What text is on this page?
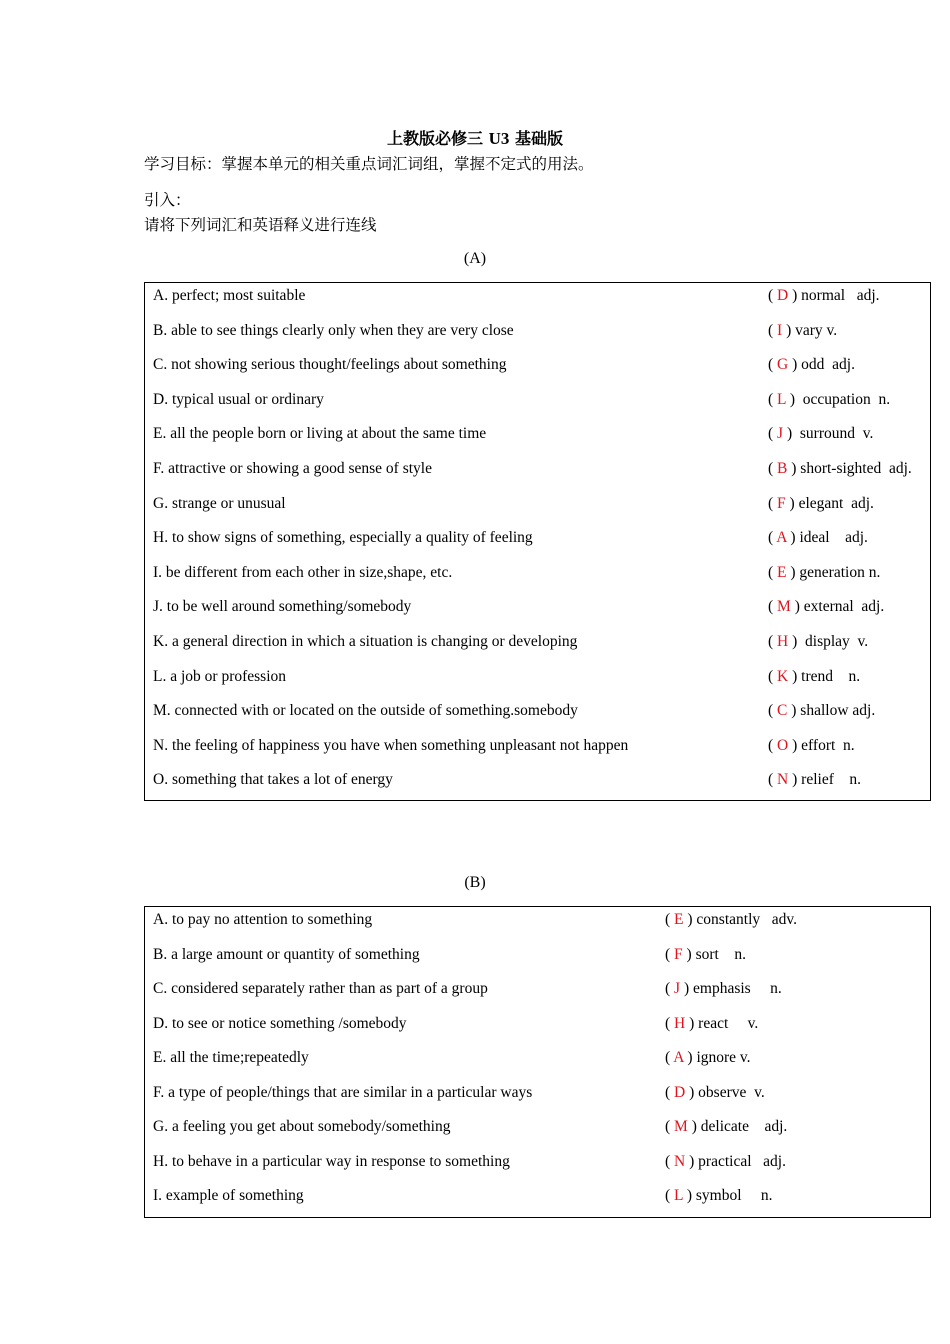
上教版必修三 U3 基础版
学习目标：掌握本单元的相关重点词汇词组，掌握不定式的用法。
引入：
请将下列词汇和英语释义进行连线
(A)
A. perfect; most suitable	( D ) normal   adj.
B. able to see things clearly only when they are very close	( I ) vary v.
C. not showing serious thought/feelings about something	( G ) odd  adj.
D. typical usual or ordinary	( L )  occupation  n.
E. all the people born or living at about the same time	( J )  surround  v.
F. attractive or showing a good sense of style	( B ) short-sighted  adj.
G. strange or unusual	( F ) elegant  adj.
H. to show signs of something, especially a quality of feeling	( A ) ideal    adj.
I. be different from each other in size,shape, etc.	( E ) generation n.
J. to be well around something/somebody	( M ) external  adj.
K. a general direction in which a situation is changing or developing	( H )  display  v.
L. a job or profession	( K ) trend    n.
M. connected with or located on the outside of something.somebody	( C ) shallow adj.
N. the feeling of happiness you have when something unpleasant not happen	( O ) effort  n.
O. something that takes a lot of energy	( N ) relief    n.
(B)
A. to pay no attention to something	( E ) constantly   adv.
B. a large amount or quantity of something	( F ) sort    n.
C. considered separately rather than as part of a group	( J ) emphasis     n.
D. to see or notice something /somebody	( H ) react     v.
E. all the time;repeatedly	( A ) ignore v.
F. a type of people/things that are similar in a particular ways	( D ) observe  v.
G. a feeling you get about somebody/something	( M ) delicate    adj.
H. to behave in a particular way in response to something	( N ) practical   adj.
I. example of something	( L ) symbol     n.
